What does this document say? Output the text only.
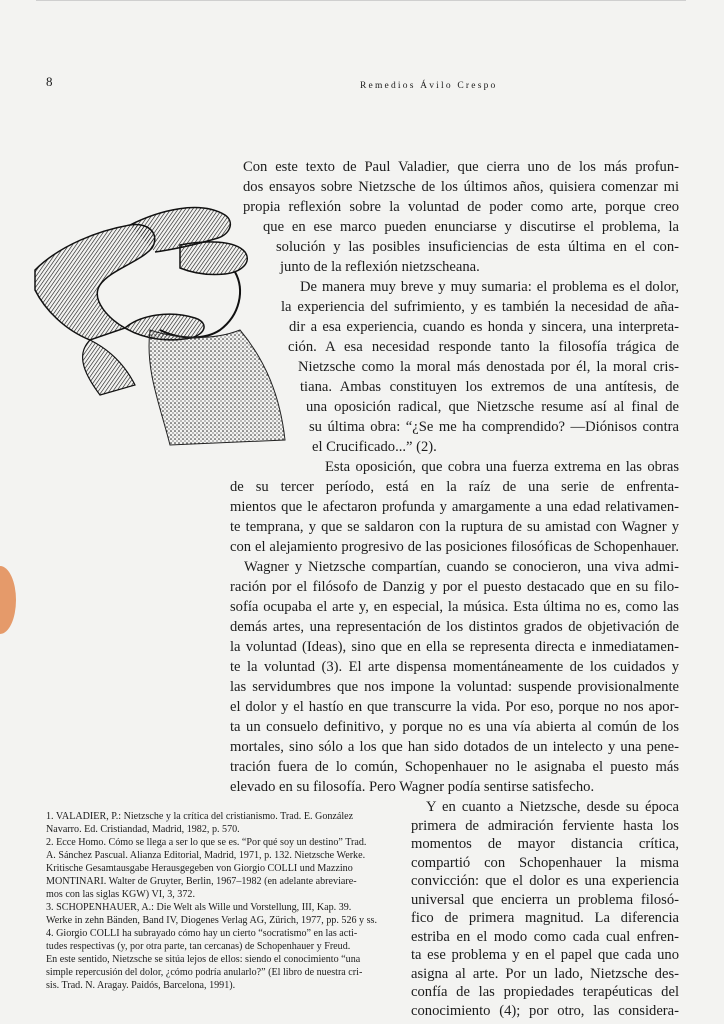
8	Remedios Ávilo Crespo

Con este texto de Paul Valadier, que cierra uno de los más profun-

dos ensayos sobre Nietzsche de los últimos años, quisiera comenzar mi

propia reflexión sobre la voluntad de poder como arte, porque creo

que en ese marco pueden enunciarse y discutirse el problema, la

solución y las posibles insuficiencias de esta última en el con-

junto de la reflexión nietzscheana.

De manera muy breve y muy sumaria: el problema es el dolor,

la experiencia del sufrimiento, y es también la necesidad de aña-

dir a esa experiencia, cuando es honda y sincera, una interpreta-

ción. A esa necesidad responde tanto la filosofía trágica de

Nietzsche como la moral más denostada por él, la moral cris-

tiana. Ambas constituyen los extremos de una antítesis, de

una oposición radical, que Nietzsche resume así al final de

su última obra: “¿Se me ha comprendido? —Diónisos contra

el Crucificado...” (2).

Esta oposición, que cobra una fuerza extrema en las obras

de su tercer período, está en la raíz de una serie de enfrenta-

mientos que le afectaron profunda y amargamente a una edad relativamen-

te temprana, y que se saldaron con la ruptura de su amistad con Wagner y

con el alejamiento progresivo de las posiciones filosóficas de Schopenhauer.

Wagner y Nietzsche compartían, cuando se conocieron, una viva admi-

ración por el filósofo de Danzig y por el puesto destacado que en su filo-

sofía ocupaba el arte y, en especial, la música. Esta última no es, como las

demás artes, una representación de los distintos grados de objetivación de

la voluntad (Ideas), sino que en ella se representa directa e inmediatamen-

te la voluntad (3). El arte dispensa momentáneamente de los cuidados y

las servidumbres que nos impone la voluntad: suspende provisionalmente

el dolor y el hastío en que transcurre la vida. Por eso, porque no nos apor-

ta un consuelo definitivo, y porque no es una vía abierta al común de los

mortales, sino sólo a los que han sido dotados de un intelecto y una pene-

tración fuera de lo común, Schopenhauer no le asignaba el puesto más

elevado en su filosofía. Pero Wagner podía sentirse satisfecho.

Y en cuanto a Nietzsche, desde su época

primera de admiración ferviente hasta los

momentos de mayor distancia crítica,

compartió con Schopenhauer la misma

convicción: que el dolor es una experiencia

universal que encierra un problema filosó-

fico de primera magnitud. La diferencia

estriba en el modo como cada cual enfren-

ta ese problema y en el papel que cada uno

asigna al arte. Por un lado, Nietzsche des-

confía de las propiedades terapéuticas del

conocimiento (4); por otro, las considera-

1. VALADIER, P.: Nietzsche y la crítica del cristianismo. Trad. E. González

Navarro. Ed. Cristiandad, Madrid, 1982, p. 570.

2. Ecce Homo. Cómo se llega a ser lo que se es. “Por qué soy un destino” Trad.

A. Sánchez Pascual. Alianza Editorial, Madrid, 1971, p. 132. Nietzsche Werke.

Kritische Gesamtausgabe Herausgegeben von Giorgio COLLI und Mazzino

MONTINARI. Walter de Gruyter, Berlin, 1967–1982 (en adelante abreviare-

mos con las siglas KGW) VI, 3, 372.

3. SCHOPENHAUER, A.: Die Welt als Wille und Vorstellung, III, Kap. 39.

Werke in zehn Bänden, Band IV, Diogenes Verlag AG, Zürich, 1977, pp. 526 y ss.

4. Giorgio COLLI ha subrayado cómo hay un cierto “socratismo” en las acti-

tudes respectivas (y, por otra parte, tan cercanas) de Schopenhauer y Freud.

En este sentido, Nietzsche se sitúa lejos de ellos: siendo el conocimiento “una

simple repercusión del dolor, ¿cómo podría anularlo?” (El libro de nuestra cri-

sis. Trad. N. Aragay. Paidós, Barcelona, 1991).
